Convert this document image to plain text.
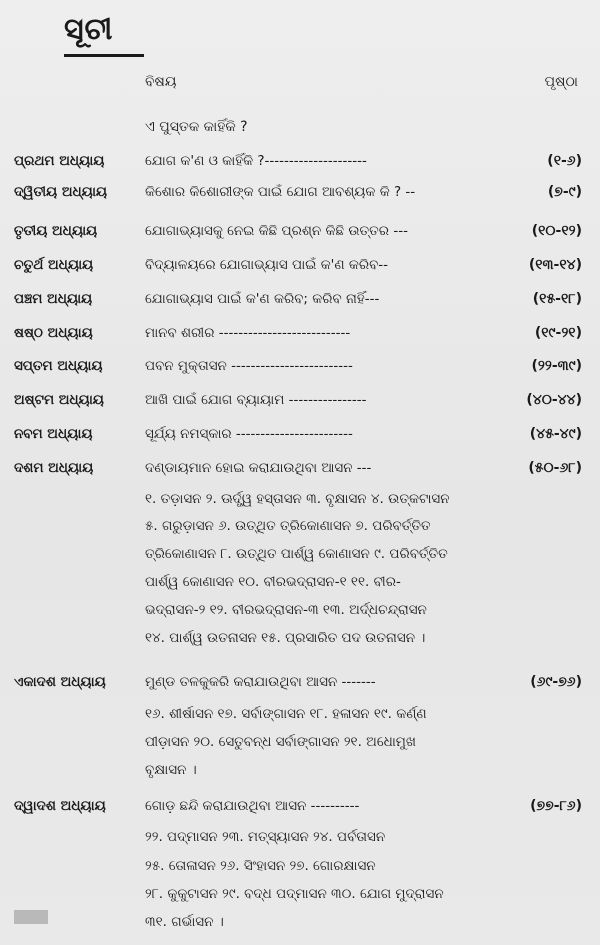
ସୂଚୀ
ବିଷୟ	ପୃଷ୍ଠା
ଏ ପୁସ୍ତକ କାହିଁକି ?
ପ୍ରଥମ ଅଧ୍ୟାୟ	ଯୋଗ କ'ଣ ଓ କାହିଁକି ?---------------------	(୧-୬)
ଦ୍ୱିତୀୟ ଅଧ୍ୟାୟ	କିଶୋର କିଶୋରୀଙ୍କ ପାଇଁ ଯୋଗ ଆବଶ୍ୟକ କି ? --	(୭-୯)
ତୃତୀୟ ଅଧ୍ୟାୟ	ଯୋଗାଭ୍ୟାସକୁ ନେଇ କିଛି ପ୍ରଶ୍ନ କିଛି ଉତ୍ତର ---	(୧୦-୧୨)
ଚତୁର୍ଥ ଅଧ୍ୟାୟ	ବିଦ୍ୟାଳୟରେ ଯୋଗାଭ୍ୟାସ ପାଇଁ କ'ଣ କରିବ--	(୧୩-୧୪)
ପଞ୍ଚମ ଅଧ୍ୟାୟ	ଯୋଗାଭ୍ୟାସ ପାଇଁ କ'ଣ କରିବ; କରିବ ନାହିଁ---	(୧୫-୧୮)
ଷଷ୍ଠ ଅଧ୍ୟାୟ	ମାନବ ଶରୀର ---------------------------	(୧୯-୨୧)
ସପ୍ତମ ଅଧ୍ୟାୟ	ପବନ ମୁକ୍ତାସନ -------------------------	(୨୨-୩୯)
ଅଷ୍ଟମ ଅଧ୍ୟାୟ	ଆଖି ପାଇଁ ଯୋଗ ବ୍ୟାୟାମ ----------------	(୪୦-୪୪)
ନବମ ଅଧ୍ୟାୟ	ସୂର୍ଯ୍ୟ ନମସ୍କାର ------------------------	(୪୫-୪୯)
ଦଶମ ଅଧ୍ୟାୟ	ଦଣ୍ଡାୟମାନ ହୋଇ କରାଯାଉଥିବା ଆସନ ---	(୫୦-୬୮)
୧. ତଡ଼ାସନ ୨. ଊର୍ଦ୍ଧ୍ୱ ହସ୍ତାସନ ୩. ବୃକ୍ଷାସନ ୪. ଉତ୍କଟାସନ
୫. ଗରୁଡ଼ାସନ ୬. ଉତ୍‌ଥିତ ତ୍ରିକୋଣାସନ ୭. ପରିବର୍ତ୍ତିତ
ତ୍ରିକୋଣାସନ ୮. ଉତ୍‌ଥିତ ପାର୍ଶ୍ୱ କୋଣାସନ ୯. ପରିବର୍ତ୍ତିତ
ପାର୍ଶ୍ୱ କୋଣାସନ ୧୦. ବୀରଭଦ୍ରାସନ-୧ ୧୧. ବୀର-
ଭଦ୍ରାସନ-୨ ୧୨. ବୀରଭଦ୍ରାସନ-୩ ୧୩. ଅର୍ଦ୍ଧଚନ୍ଦ୍ରାସନ
୧୪. ପାର୍ଶ୍ୱ ଉତନାସନ ୧୫. ପ୍ରସାରିତ ପଦ ଉତନାସନ ।
ଏକାଦଶ ଅଧ୍ୟାୟ	ମୁଣ୍ଡ ତଳକୁକରି କରାଯାଉଥିବା ଆସନ -------	(୬୯-୭୬)
୧୬. ଶୀର୍ଷାସନ ୧୭. ସର୍ବାଙ୍ଗାସନ ୧୮. ହଳାସନ ୧୯. କର୍ଣ୍ଣ
ପୀଡ଼ାସନ ୨୦. ସେତୁବନ୍ଧ ସର୍ବାଙ୍ଗାସନ ୨୧. ଅଧୋମୁଖ
ବୃକ୍ଷାସନ ।
ଦ୍ୱାଦଶ ଅଧ୍ୟାୟ	ଗୋଡ଼ ଛନ୍ଦି କରାଯାଉଥିବା ଆସନ ----------	(୭୭-୮୬)
୨୨. ପଦ୍ମାସନ ୨୩. ମତ୍ସ୍ୟାସନ ୨୪. ପର୍ବତାସନ
୨୫. ତୋଳାସନ ୨୬. ସିଂହାସନ ୨୭. ଗୋରକ୍ଷାସନ
୨୮. କୁକୁଟାସନ ୨୯. ବଦ୍ଧ ପଦ୍ମାସନ ୩୦. ଯୋଗ ମୁଦ୍ରାସନ
୩୧. ଗର୍ଭାସନ ।
